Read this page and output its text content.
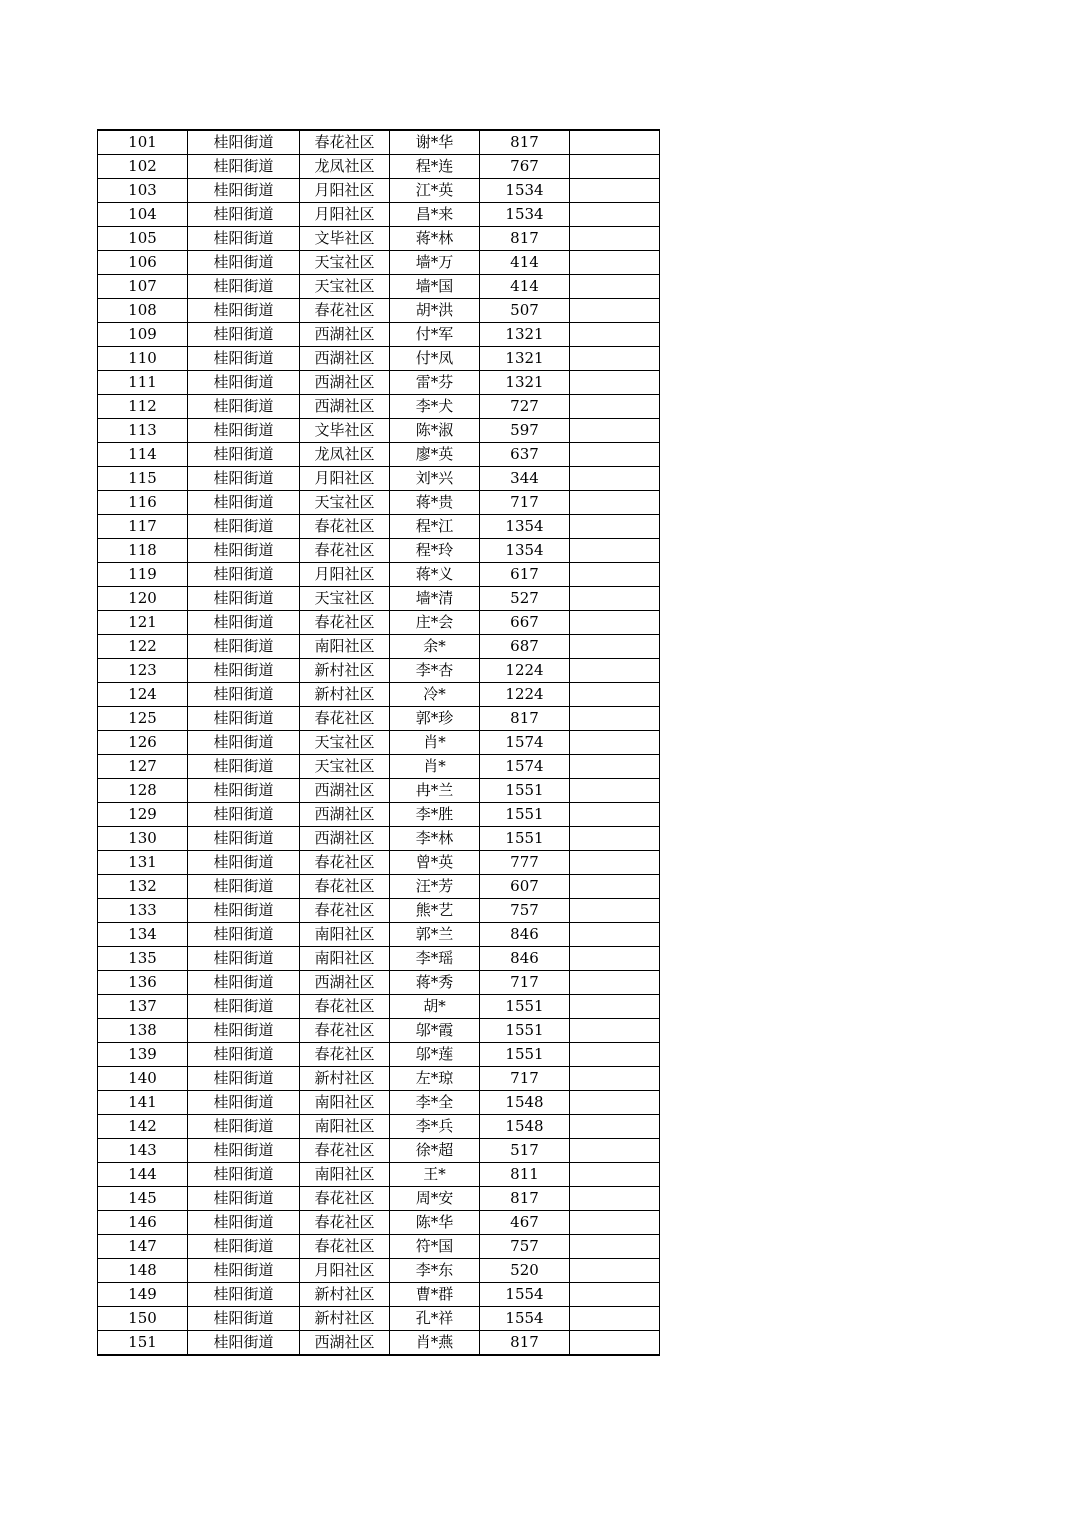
101	桂阳街道	春花社区	谢*华	817	
102	桂阳街道	龙凤社区	程*连	767	
103	桂阳街道	月阳社区	江*英	1534	
104	桂阳街道	月阳社区	昌*来	1534	
105	桂阳街道	文毕社区	蒋*林	817	
106	桂阳街道	天宝社区	墙*万	414	
107	桂阳街道	天宝社区	墙*国	414	
108	桂阳街道	春花社区	胡*洪	507	
109	桂阳街道	西湖社区	付*军	1321	
110	桂阳街道	西湖社区	付*凤	1321	
111	桂阳街道	西湖社区	雷*芬	1321	
112	桂阳街道	西湖社区	李*犬	727	
113	桂阳街道	文毕社区	陈*淑	597	
114	桂阳街道	龙凤社区	廖*英	637	
115	桂阳街道	月阳社区	刘*兴	344	
116	桂阳街道	天宝社区	蒋*贵	717	
117	桂阳街道	春花社区	程*江	1354	
118	桂阳街道	春花社区	程*玲	1354	
119	桂阳街道	月阳社区	蒋*义	617	
120	桂阳街道	天宝社区	墙*清	527	
121	桂阳街道	春花社区	庄*会	667	
122	桂阳街道	南阳社区	余*	687	
123	桂阳街道	新村社区	李*杏	1224	
124	桂阳街道	新村社区	冷*	1224	
125	桂阳街道	春花社区	郭*珍	817	
126	桂阳街道	天宝社区	肖*	1574	
127	桂阳街道	天宝社区	肖*	1574	
128	桂阳街道	西湖社区	冉*兰	1551	
129	桂阳街道	西湖社区	李*胜	1551	
130	桂阳街道	西湖社区	李*林	1551	
131	桂阳街道	春花社区	曾*英	777	
132	桂阳街道	春花社区	汪*芳	607	
133	桂阳街道	春花社区	熊*艺	757	
134	桂阳街道	南阳社区	郭*兰	846	
135	桂阳街道	南阳社区	李*瑶	846	
136	桂阳街道	西湖社区	蒋*秀	717	
137	桂阳街道	春花社区	胡*	1551	
138	桂阳街道	春花社区	邬*霞	1551	
139	桂阳街道	春花社区	邬*莲	1551	
140	桂阳街道	新村社区	左*琼	717	
141	桂阳街道	南阳社区	李*全	1548	
142	桂阳街道	南阳社区	李*兵	1548	
143	桂阳街道	春花社区	徐*超	517	
144	桂阳街道	南阳社区	王*	811	
145	桂阳街道	春花社区	周*安	817	
146	桂阳街道	春花社区	陈*华	467	
147	桂阳街道	春花社区	符*国	757	
148	桂阳街道	月阳社区	李*东	520	
149	桂阳街道	新村社区	曹*群	1554	
150	桂阳街道	新村社区	孔*祥	1554	
151	桂阳街道	西湖社区	肖*燕	817	
